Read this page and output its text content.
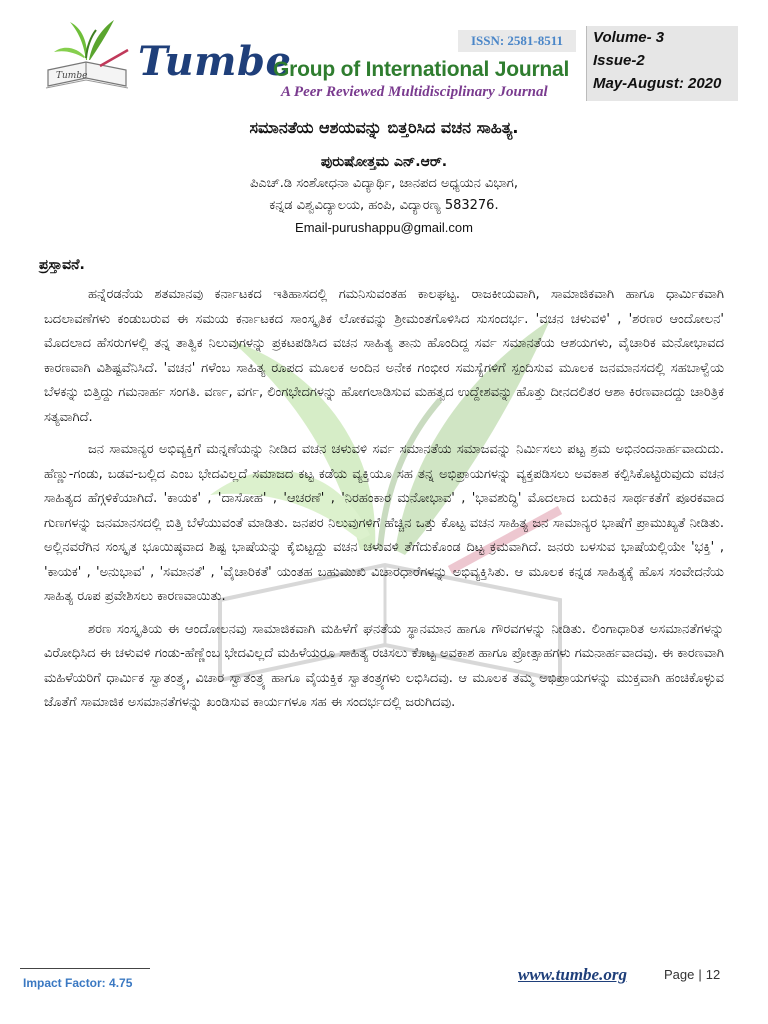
Tumbe Tumbe
Group of International Journal
A Peer Reviewed Multidisciplinary Journal
ISSN: 2581-8511	Volume- 3
Issue-2
May-August: 2020

ಸಮಾನತೆಯ ಆಶಯವನ್ನು ಬಿತ್ತರಿಸಿದ ವಚನ ಸಾಹಿತ್ಯ.

ಪುರುಷೋತ್ತಮ ಎನ್.ಆರ್.

ಪಿಎಚ್.ಡಿ ಸಂಶೋಧನಾ ವಿದ್ಯಾರ್ಥಿ, ಜಾನಪದ ಅಧ್ಯಯನ ವಿಭಾಗ,

ಕನ್ನಡ ವಿಶ್ವವಿದ್ಯಾಲಯ, ಹಂಪಿ, ವಿದ್ಯಾರಣ್ಯ 583276.

Email-purushappu@gmail.com

ಪ್ರಸ್ತಾವನೆ.

ಹನ್ನೆರಡನೆಯ ಶತಮಾನವು ಕರ್ನಾಟಕದ ಇತಿಹಾಸದಲ್ಲಿ ಗಮನಿಸುವಂತಹ ಕಾಲಘಟ್ಟ. ರಾಜಕೀಯವಾಗಿ, ಸಾಮಾಜಿಕವಾಗಿ ಹಾಗೂ ಧಾರ್ಮಿಕವಾಗಿ ಬದಲಾವಣೆಗಳು ಕಂಡುಬರುವ ಈ ಸಮಯ ಕರ್ನಾಟಕದ ಸಾಂಸ್ಕೃತಿಕ ಲೋಕವನ್ನು ಶ್ರೀಮಂತಗೊಳಿಸಿದ ಸುಸಂದರ್ಭ. 'ವಚನ ಚಳುವಳಿ' , 'ಶರಣರ ಆಂದೋಲನ' ಮೊದಲಾದ ಹೆಸರುಗಳಲ್ಲಿ ತನ್ನ ತಾತ್ವಿಕ ನಿಲುವುಗಳನ್ನು ಪ್ರಕಟಪಡಿಸಿದ ವಚನ ಸಾಹಿತ್ಯ ತಾನು ಹೊಂದಿದ್ದ ಸರ್ವ ಸಮಾನತೆಯ ಆಶಯಗಳು, ವೈಚಾರಿಕ ಮನೋಭಾವದ ಕಾರಣವಾಗಿ ವಿಶಿಷ್ಟವೆನಿಸಿದೆ. 'ವಚನ' ಗಳೆಂಬ ಸಾಹಿತ್ಯ ರೂಪದ ಮೂಲಕ ಅಂದಿನ ಅನೇಕ ಗಂಭೀರ ಸಮಸ್ಯೆಗಳಿಗೆ ಸ್ಪಂದಿಸುವ ಮೂಲಕ ಜನಮಾನಸದಲ್ಲಿ ಸಹಬಾಳ್ವೆಯ ಬೆಳಕನ್ನು ಬಿತ್ತಿದ್ದು ಗಮನಾರ್ಹ ಸಂಗತಿ. ವರ್ಣ, ವರ್ಗ, ಲಿಂಗಭೇದಗಳನ್ನು ಹೋಗಲಾಡಿಸುವ ಮಹತ್ವದ ಉದ್ದೇಶವನ್ನು ಹೊತ್ತು ದೀನದಲಿತರ ಆಶಾ ಕಿರಣವಾದದ್ದು ಚಾರಿತ್ರಿಕ ಸತ್ಯವಾಗಿದೆ.

ಜನ ಸಾಮಾನ್ಯರ ಅಭಿವ್ಯಕ್ತಿಗೆ ಮನ್ನಣೆಯನ್ನು ನೀಡಿದ ವಚನ ಚಳುವಳಿ ಸರ್ವ ಸಮಾನತೆಯ ಸಮಾಜವನ್ನು ನಿರ್ಮಿಸಲು ಪಟ್ಟ ಶ್ರಮ ಅಭಿನಂದನಾರ್ಹವಾದುದು. ಹೆಣ್ಣು-ಗಂಡು, ಬಡವ-ಬಲ್ಲಿದ ಎಂಬ ಭೇದವಿಲ್ಲದೆ ಸಮಾಜದ ಕಟ್ಟ ಕಡೆಯ ವ್ಯಕ್ತಿಯೂ ಸಹ ತನ್ನ ಅಭಿಪ್ರಾಯಗಳನ್ನು ವ್ಯಕ್ತಪಡಿಸಲು ಅವಕಾಶ ಕಲ್ಪಿಸಿಕೊಟ್ಟಿರುವುದು ವಚನ ಸಾಹಿತ್ಯದ ಹೆಗ್ಗಳಿಕೆಯಾಗಿದೆ. 'ಕಾಯಕ' , 'ದಾಸೋಹ' , 'ಆಚರಣೆ' , 'ನಿರಹಂಕಾರ ಮನೋಭಾವ' , 'ಭಾವಶುದ್ಧಿ' ಮೊದಲಾದ ಬದುಕಿನ ಸಾರ್ಥಕತೆಗೆ ಪೂರಕವಾದ ಗುಣಗಳನ್ನು ಜನಮಾನಸದಲ್ಲಿ ಬಿತ್ತಿ ಬೆಳೆಯುವಂತೆ ಮಾಡಿತು. ಜನಪರ ನಿಲುವುಗಳಿಗೆ ಹೆಚ್ಚಿನ ಒತ್ತು ಕೊಟ್ಟ ವಚನ ಸಾಹಿತ್ಯ ಜನ ಸಾಮಾನ್ಯರ ಭಾಷೆಗೆ ಪ್ರಾಮುಖ್ಯತೆ ನೀಡಿತು. ಅಲ್ಲಿನವರೆಗಿನ ಸಂಸ್ಕೃತ ಭೂಯಿಷ್ಠವಾದ ಶಿಷ್ಟ ಭಾಷೆಯನ್ನು ಕೈಬಿಟ್ಟದ್ದು ವಚನ ಚಳುವಳಿ ತೆಗೆದುಕೊಂಡ ದಿಟ್ಟ ಕ್ರಮವಾಗಿದೆ. ಜನರು ಬಳಸುವ ಭಾಷೆಯಲ್ಲಿಯೇ 'ಭಕ್ತಿ' , 'ಕಾಯಕ' , 'ಅನುಭಾವ' , 'ಸಮಾನತೆ' , 'ವೈಚಾರಿಕತೆ' ಯಂತಹ ಬಹುಮುಖಿ ವಿಚಾರಧಾರೆಗಳನ್ನು ಅಭಿವ್ಯಕ್ತಿಸಿತು. ಆ ಮೂಲಕ ಕನ್ನಡ ಸಾಹಿತ್ಯಕ್ಕೆ ಹೊಸ ಸಂವೇದನೆಯ ಸಾಹಿತ್ಯ ರೂಪ ಪ್ರವೇಶಿಸಲು ಕಾರಣವಾಯಿತು.

ಶರಣ ಸಂಸ್ಕೃತಿಯ ಈ ಆಂದೋಲನವು ಸಾಮಾಜಿಕವಾಗಿ ಮಹಿಳೆಗೆ ಘನತೆಯ ಸ್ಥಾನಮಾನ ಹಾಗೂ ಗೌರವಗಳನ್ನು ನೀಡಿತು. ಲಿಂಗಾಧಾರಿತ ಅಸಮಾನತೆಗಳನ್ನು ವಿರೋಧಿಸಿದ ಈ ಚಳುವಳಿ ಗಂಡು-ಹೆಣ್ಣೆಂಬ ಭೇದವಿಲ್ಲದೆ ಮಹಿಳೆಯರೂ ಸಾಹಿತ್ಯ ರಚಿಸಲು ಕೊಟ್ಟ ಅವಕಾಶ ಹಾಗೂ ಪ್ರೋತ್ಸಾಹಗಳು ಗಮನಾರ್ಹವಾದವು. ಈ ಕಾರಣವಾಗಿ ಮಹಿಳೆಯರಿಗೆ ಧಾರ್ಮಿಕ ಸ್ವಾತಂತ್ರ್ಯ, ವಿಚಾರ ಸ್ವಾತಂತ್ರ್ಯ ಹಾಗೂ ವೈಯಕ್ತಿಕ ಸ್ವಾತಂತ್ರ್ಯಗಳು ಲಭಿಸಿದವು. ಆ ಮೂಲಕ ತಮ್ಮ ಅಭಿಪ್ರಾಯಗಳನ್ನು ಮುಕ್ತವಾಗಿ ಹಂಚಿಕೊಳ್ಳುವ ಜೊತೆಗೆ ಸಾಮಾಜಿಕ ಅಸಮಾನತೆಗಳನ್ನು ಖಂಡಿಸುವ ಕಾರ್ಯಗಳೂ ಸಹ ಈ ಸಂದರ್ಭದಲ್ಲಿ ಜರುಗಿದವು.

Impact Factor: 4.75	www.tumbe.org	Page | 12
